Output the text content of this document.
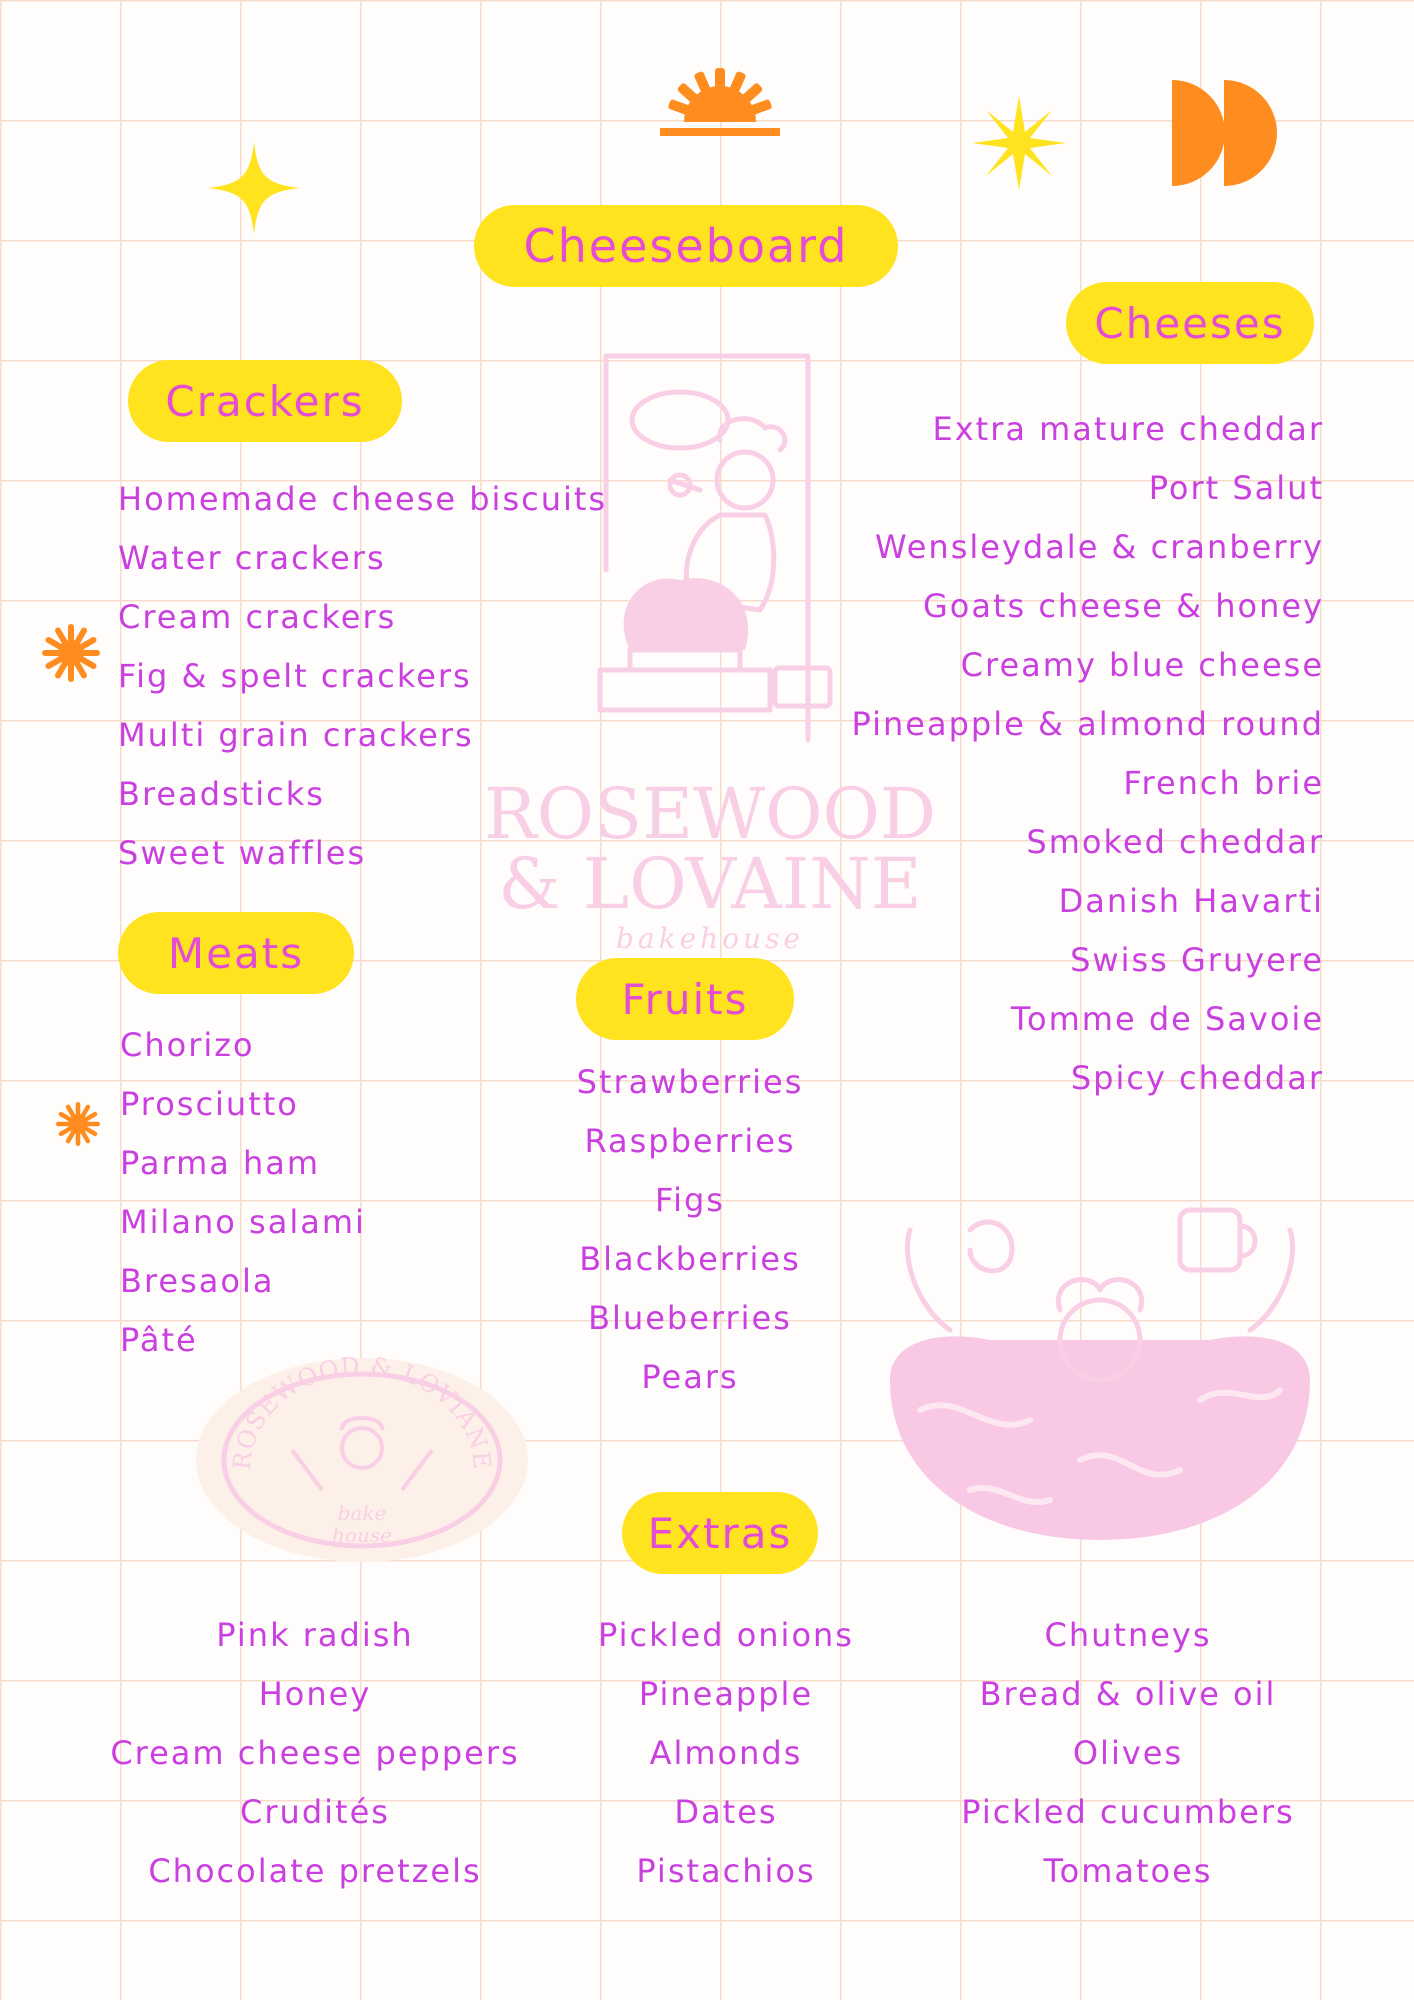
ROSEWOOD
& LOVAINE
bakehouse
ROSEWOOD & LOVIANE
bake
house
Cheeseboard
Crackers
Homemade cheese biscuits
Water crackers
Cream crackers
Fig & spelt crackers
Multi grain crackers
Breadsticks
Sweet waffles
Cheeses
Extra mature cheddar
Port Salut
Wensleydale & cranberry
Goats cheese & honey
Creamy blue cheese
Pineapple & almond round
French brie
Smoked cheddar
Danish Havarti
Swiss Gruyere
Tomme de Savoie
Spicy cheddar
Meats
Chorizo
Prosciutto
Parma ham
Milano salami
Bresaola
Pâté
Fruits
Strawberries
Raspberries
Figs
Blackberries
Blueberries
Pears
Extras
Pink radish
Honey
Cream cheese peppers
Crudités
Chocolate pretzels
Pickled onions
Pineapple
Almonds
Dates
Pistachios
Chutneys
Bread & olive oil
Olives
Pickled cucumbers
Tomatoes
